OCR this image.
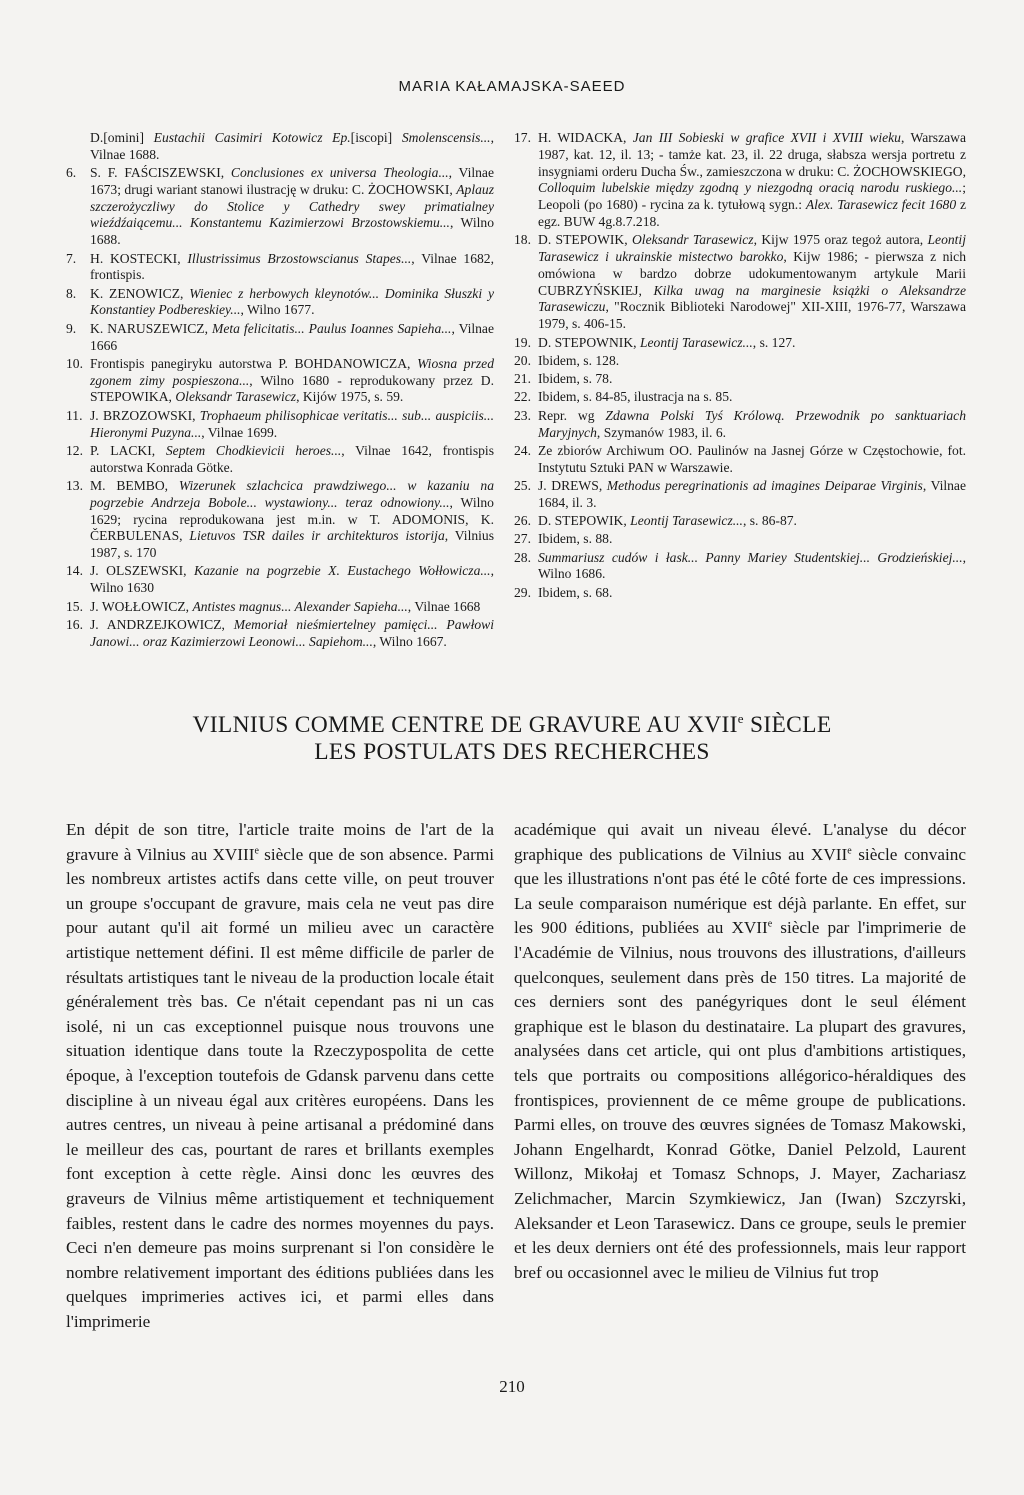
MARIA KAŁAMAJSKA-SAEED
D.[omini] Eustachii Casimiri Kotowicz Ep.[iscopi] Smolenscensis..., Vilnae 1688.
6. S. F. FAŚCISZEWSKI, Conclusiones ex universa Theologia..., Vilnae 1673; drugi wariant stanowi ilustrację w druku: C. ŻOCHOWSKI, Aplauz szczerożyczliwy do Stolice y Cathedry swey primatialney wieźdźaiącemu... Konstantemu Kazimierzowi Brzostowskiemu..., Wilno 1688.
7. H. KOSTECKI, Illustrissimus Brzostowscianus Stapes..., Vilnae 1682, frontispis.
8. K. ZENOWICZ, Wieniec z herbowych kleynotów... Dominika Słuszki y Konstantiey Podbereskiey..., Wilno 1677.
9. K. NARUSZEWICZ, Meta felicitatis... Paulus Ioannes Sapieha..., Vilnae 1666
10. Frontispis panegiryku autorstwa P. BOHDANOWICZA, Wiosna przed zgonem zimy pospieszona..., Wilno 1680 - reprodukowany przez D. STEPOWIKA, Oleksandr Tarasewicz, Kijów 1975, s. 59.
11. J. BRZOZOWSKI, Trophaeum philisophicae veritatis... sub... auspiciis... Hieronymi Puzyna..., Vilnae 1699.
12. P. LACKI, Septem Chodkievicii heroes..., Vilnae 1642, frontispis autorstwa Konrada Götke.
13. M. BEMBO, Wizerunek szlachcica prawdziwego... w kazaniu na pogrzebie Andrzeja Bobole... wystawiony... teraz odnowiony..., Wilno 1629; rycina reprodukowana jest m.in. w T. ADOMONIS, K. ČERBULENAS, Lietuvos TSR dailes ir architekturos istorija, Vilnius 1987, s. 170
14. J. OLSZEWSKI, Kazanie na pogrzebie X. Eustachego Wołłowicza..., Wilno 1630
15. J. WOŁŁOWICZ, Antistes magnus... Alexander Sapieha..., Vilnae 1668
16. J. ANDRZEJKOWICZ, Memoriał nieśmiertelney pamięci... Pawłowi Janowi... oraz Kazimierzowi Leonowi... Sapiehom..., Wilno 1667.
17. H. WIDACKA, Jan III Sobieski w grafice XVII i XVIII wieku, Warszawa 1987, kat. 12, il. 13; - tamże kat. 23, il. 22 druga, słabsza wersja portretu z insygniami orderu Ducha Św., zamieszczona w druku: C. ŻOCHOWSKIEGO, Colloquim lubelskie między zgodną y niezgodną oracią narodu ruskiego...; Leopoli (po 1680) - rycina za k. tytułową sygn.: Alex. Tarasewicz fecit 1680 z egz. BUW 4g.8.7.218.
18. D. STEPOWIK, Oleksandr Tarasewicz, Kijw 1975 oraz tegoż autora, Leontij Tarasewicz i ukrainskie mistectwo barokko, Kijw 1986; - pierwsza z nich omówiona w bardzo dobrze udokumentowanym artykule Marii CUBRZYŃSKIEJ, Kilka uwag na marginesie książki o Aleksandrze Tarasewiczu, "Rocznik Biblioteki Narodowej" XII-XIII, 1976-77, Warszawa 1979, s. 406-15.
19. D. STEPOWNIK, Leontij Tarasewicz..., s. 127.
20. Ibidem, s. 128.
21. Ibidem, s. 78.
22. Ibidem, s. 84-85, ilustracja na s. 85.
23. Repr. wg Zdawna Polski Tyś Królową. Przewodnik po sanktuariach Maryjnych, Szymanów 1983, il. 6.
24. Ze zbiorów Archiwum OO. Paulinów na Jasnej Górze w Częstochowie, fot. Instytutu Sztuki PAN w Warszawie.
25. J. DREWS, Methodus peregrinationis ad imagines Deiparae Virginis, Vilnae 1684, il. 3.
26. D. STEPOWIK, Leontij Tarasewicz..., s. 86-87.
27. Ibidem, s. 88.
28. Summariusz cudów i łask... Panny Mariey Studentskiej... Grodzieńskiej..., Wilno 1686.
29. Ibidem, s. 68.
VILNIUS COMME CENTRE DE GRAVURE AU XVIIe SIÈCLE
LES POSTULATS DES RECHERCHES

En dépit de son titre, l'article traite moins de l'art de la gravure à Vilnius au XVIIIe siècle que de son absence. Parmi les nombreux artistes actifs dans cette ville, on peut trouver un groupe s'occupant de gravure, mais cela ne veut pas dire pour autant qu'il ait formé un milieu avec un caractère artistique nettement défini. Il est même difficile de parler de résultats artistiques tant le niveau de la production locale était généralement très bas. Ce n'était cependant pas ni un cas isolé, ni un cas exceptionnel puisque nous trouvons une situation identique dans toute la Rzeczypospolita de cette époque, à l'exception toutefois de Gdansk parvenu dans cette discipline à un niveau égal aux critères européens. Dans les autres centres, un niveau à peine artisanal a prédominé dans le meilleur des cas, pourtant de rares et brillants exemples font exception à cette règle. Ainsi donc les œuvres des graveurs de Vilnius même artistiquement et techniquement faibles, restent dans le cadre des normes moyennes du pays. Ceci n'en demeure pas moins surprenant si l'on considère le nombre relativement important des éditions publiées dans les quelques imprimeries actives ici, et parmi elles dans l'imprimerie

académique qui avait un niveau élevé. L'analyse du décor graphique des publications de Vilnius au XVIIe siècle convainc que les illustrations n'ont pas été le côté forte de ces impressions. La seule comparaison numérique est déjà parlante. En effet, sur les 900 éditions, publiées au XVIIe siècle par l'imprimerie de l'Académie de Vilnius, nous trouvons des illustrations, d'ailleurs quelconques, seulement dans près de 150 titres. La majorité de ces derniers sont des panégyriques dont le seul élément graphique est le blason du destinataire. La plupart des gravures, analysées dans cet article, qui ont plus d'ambitions artistiques, tels que portraits ou compositions allégorico-héraldiques des frontispices, proviennent de ce même groupe de publications. Parmi elles, on trouve des œuvres signées de Tomasz Makowski, Johann Engelhardt, Konrad Götke, Daniel Pelzold, Laurent Willonz, Mikołaj et Tomasz Schnops, J. Mayer, Zachariasz Zelichmacher, Marcin Szymkiewicz, Jan (Iwan) Szczyrski, Aleksander et Leon Tarasewicz. Dans ce groupe, seuls le premier et les deux derniers ont été des professionnels, mais leur rapport bref ou occasionnel avec le milieu de Vilnius fut trop

210
